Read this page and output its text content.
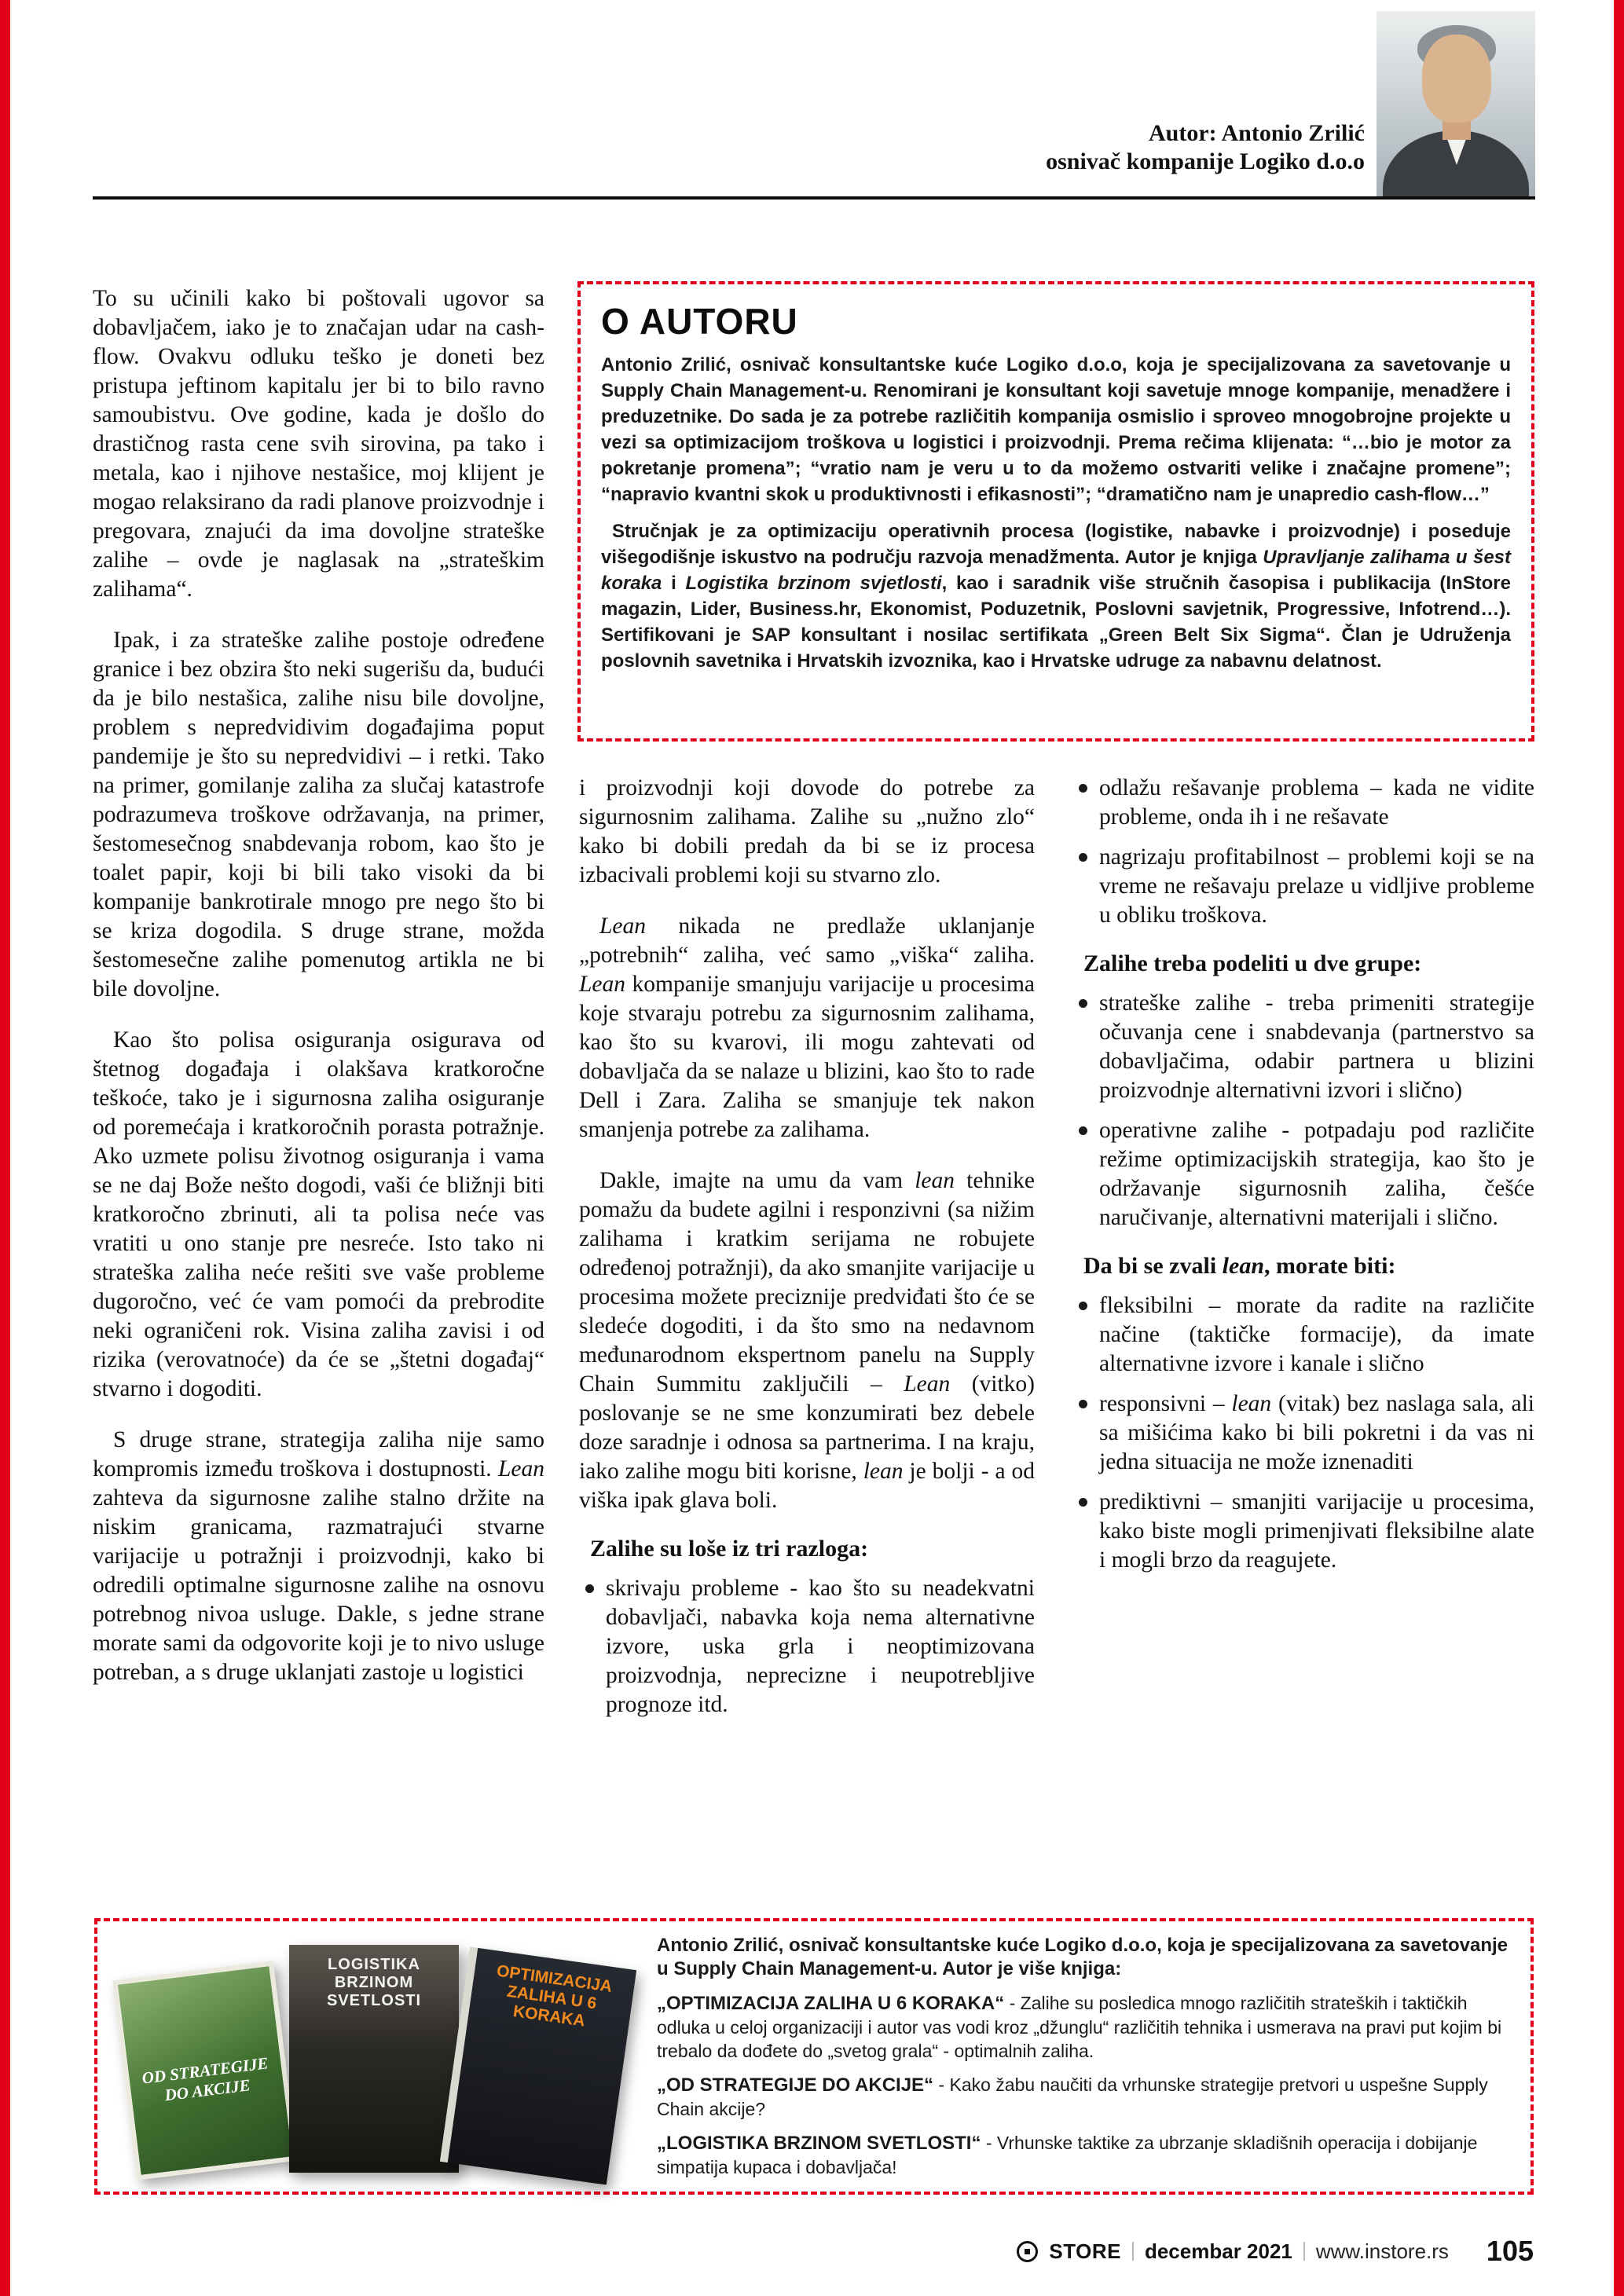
Autor: Antonio Zrilić
osnivač kompanije Logiko d.o.o

To su učinili kako bi poštovali ugovor sa dobavljačem, iako je to značajan udar na cash-flow. Ovakvu odluku teško je doneti bez pristupa jeftinom kapitalu jer bi to bilo ravno samoubistvu. Ove godine, kada je došlo do drastičnog rasta cene svih sirovina, pa tako i metala, kao i njihove nestašice, moj klijent je mogao relaksirano da radi planove proizvodnje i pregovara, znajući da ima dovoljne strateške zalihe – ovde je naglasak na „strateškim zalihama“.

Ipak, i za strateške zalihe postoje određene granice i bez obzira što neki sugerišu da, budući da je bilo nestašica, zalihe nisu bile dovoljne, problem s nepredvidivim događajima poput pandemije je što su nepredvidivi – i retki. Tako na primer, gomilanje zaliha za slučaj katastrofe podrazumeva troškove održavanja, na primer, šestomesečnog snabdevanja robom, kao što je toalet papir, koji bi bili tako visoki da bi kompanije bankrotirale mnogo pre nego što bi se kriza dogodila. S druge strane, možda šestomesečne zalihe pomenutog artikla ne bi bile dovoljne.

Kao što polisa osiguranja osigurava od štetnog događaja i olakšava kratkoročne teškoće, tako je i sigurnosna zaliha osiguranje od poremećaja i kratkoročnih porasta potražnje. Ako uzmete polisu životnog osiguranja i vama se ne daj Bože nešto dogodi, vaši će bližnji biti kratkoročno zbrinuti, ali ta polisa neće vas vratiti u ono stanje pre nesreće. Isto tako ni strateška zaliha neće rešiti sve vaše probleme dugoročno, već će vam pomoći da prebrodite neki ograničeni rok. Visina zaliha zavisi i od rizika (verovatnoće) da će se „štetni događaj“ stvarno i dogoditi.

S druge strane, strategija zaliha nije samo kompromis između troškova i dostupnosti. Lean zahteva da sigurnosne zalihe stalno držite na niskim granicama, razmatrajući stvarne varijacije u potražnji i proizvodnji, kako bi odredili optimalne sigurnosne zalihe na osnovu potrebnog nivoa usluge. Dakle, s jedne strane morate sami da odgovorite koji je to nivo usluge potreban, a s druge uklanjati zastoje u logistici

O AUTORU

Antonio Zrilić, osnivač konsultantske kuće Logiko d.o.o, koja je specijalizovana za savetovanje u Supply Chain Management-u. Renomirani je konsultant koji savetuje mnoge kompanije, menadžere i preduzetnike. Do sada je za potrebe različitih kompanija osmislio i sproveo mnogobrojne projekte u vezi sa optimizacijom troškova u logistici i proizvodnji. Prema rečima klijenata: “…bio je motor za pokretanje promena”; “vratio nam je veru u to da možemo ostvariti velike i značajne promene”; “napravio kvantni skok u produktivnosti i efikasnosti”; “dramatično nam je unapredio cash-flow…”

Stručnjak je za optimizaciju operativnih procesa (logistike, nabavke i proizvodnje) i poseduje višegodišnje iskustvo na području razvoja menadžmenta. Autor je knjiga Upravljanje zalihama u šest koraka i Logistika brzinom svjetlosti, kao i saradnik više stručnih časopisa i publikacija (InStore magazin, Lider, Business.hr, Ekonomist, Poduzetnik, Poslovni savjetnik, Progressive, Infotrend…). Sertifikovani je SAP konsultant i nosilac sertifikata „Green Belt Six Sigma“. Član je Udruženja poslovnih savetnika i Hrvatskih izvoznika, kao i Hrvatske udruge za nabavnu delatnost.

i proizvodnji koji dovode do potrebe za sigurnosnim zalihama. Zalihe su „nužno zlo“ kako bi dobili predah da bi se iz procesa izbacivali problemi koji su stvarno zlo.

Lean nikada ne predlaže uklanjanje „potrebnih“ zaliha, već samo „viška“ zaliha. Lean kompanije smanjuju varijacije u procesima koje stvaraju potrebu za sigurnosnim zalihama, kao što su kvarovi, ili mogu zahtevati od dobavljača da se nalaze u blizini, kao što to rade Dell i Zara. Zaliha se smanjuje tek nakon smanjenja potrebe za zalihama.

Dakle, imajte na umu da vam lean tehnike pomažu da budete agilni i responzivni (sa nižim zalihama i kratkim serijama ne robujete određenoj potražnji), da ako smanjite varijacije u procesima možete preciznije predviđati što će se sledeće dogoditi, i da što smo na nedavnom međunarodnom ekspertnom panelu na Supply Chain Summitu zaključili – Lean (vitko) poslovanje se ne sme konzumirati bez debele doze saradnje i odnosa sa partnerima. I na kraju, iako zalihe mogu biti korisne, lean je bolji - a od viška ipak glava boli.

Zalihe su loše iz tri razloga:
skrivaju probleme - kao što su neadekvatni dobavljači, nabavka koja nema alternativne izvore, uska grla i neoptimizovana proizvodnja, neprecizne i neupotrebljive prognoze itd.
odlažu rešavanje problema – kada ne vidite probleme, onda ih i ne rešavate
nagrizaju profitabilnost – problemi koji se na vreme ne rešavaju prelaze u vidljive probleme u obliku troškova.
Zalihe treba podeliti u dve grupe:
strateške zalihe - treba primeniti strategije očuvanja cene i snabdevanja (partnerstvo sa dobavljačima, odabir partnera u blizini proizvodnje alternativni izvori i slično)
operativne zalihe - potpadaju pod različite režime optimizacijskih strategija, kao što je održavanje sigurnosnih zaliha, češće naručivanje, alternativni materijali i slično.
Da bi se zvali lean, morate biti:
fleksibilni – morate da radite na različite načine (taktičke formacije), da imate alternativne izvore i kanale i slično
responsivni – lean (vitak) bez naslaga sala, ali sa mišićima kako bi bili pokretni i da vas ni jedna situacija ne može iznenaditi
prediktivni – smanjiti varijacije u procesima, kako biste mogli primenjivati fleksibilne alate i mogli brzo da reagujete.
OD STRATEGIJE DO AKCIJE
LOGISTIKA BRZINOM SVETLOSTI
OPTIMIZACIJA ZALIHA U 6 KORAKA

Antonio Zrilić, osnivač konsultantske kuće Logiko d.o.o, koja je specijalizovana za savetovanje u Supply Chain Management-u. Autor je više knjiga:

„OPTIMIZACIJA ZALIHA U 6 KORAKA“ - Zalihe su posledica mnogo različitih strateških i taktičkih odluka u celoj organizaciji i autor vas vodi kroz „džunglu“ različitih tehnika i usmerava na pravi put kojim bi trebalo da dođete do „svetog grala“ - optimalnih zaliha.

„OD STRATEGIJE DO AKCIJE“ - Kako žabu naučiti da vrhunske strategije pretvori u uspešne Supply Chain akcije?

„LOGISTIKA BRZINOM SVETLOSTI“ - Vrhunske taktike za ubrzanje skladišnih operacija i dobijanje simpatija kupaca i dobavljača!

STORE decembar 2021 www.instore.rs 105
